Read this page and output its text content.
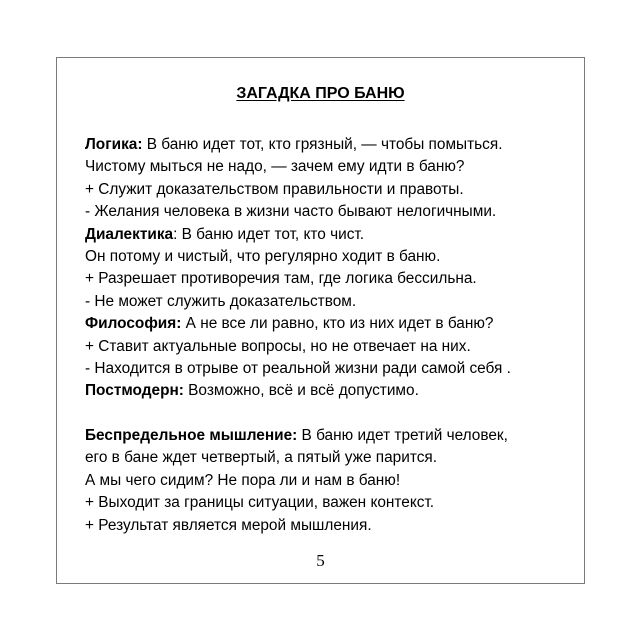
ЗАГАДКА ПРО БАНЮ
Логика: В баню идет тот, кто грязный, — чтобы помыться.
Чистому мыться не надо, — зачем ему идти в баню?
+ Служит доказательством правильности и правоты.
- Желания человека в жизни часто бывают нелогичными.
Диалектика: В баню идет тот, кто чист.
Он потому и чистый, что регулярно ходит в баню.
+ Разрешает противоречия там, где логика бессильна.
- Не может служить доказательством.
Философия: А не все ли равно, кто из них идет в баню?
+ Ставит актуальные вопросы, но не отвечает на них.
- Находится в отрыве от реальной жизни ради самой себя .
Постмодерн: Возможно, всё и всё допустимо.
Беспредельное мышление: В баню идет третий человек,
его в бане ждет четвертый, а пятый уже парится.
А мы чего сидим? Не пора ли и нам в баню!
+ Выходит за границы ситуации, важен контекст.
+ Результат является мерой мышления.
5
